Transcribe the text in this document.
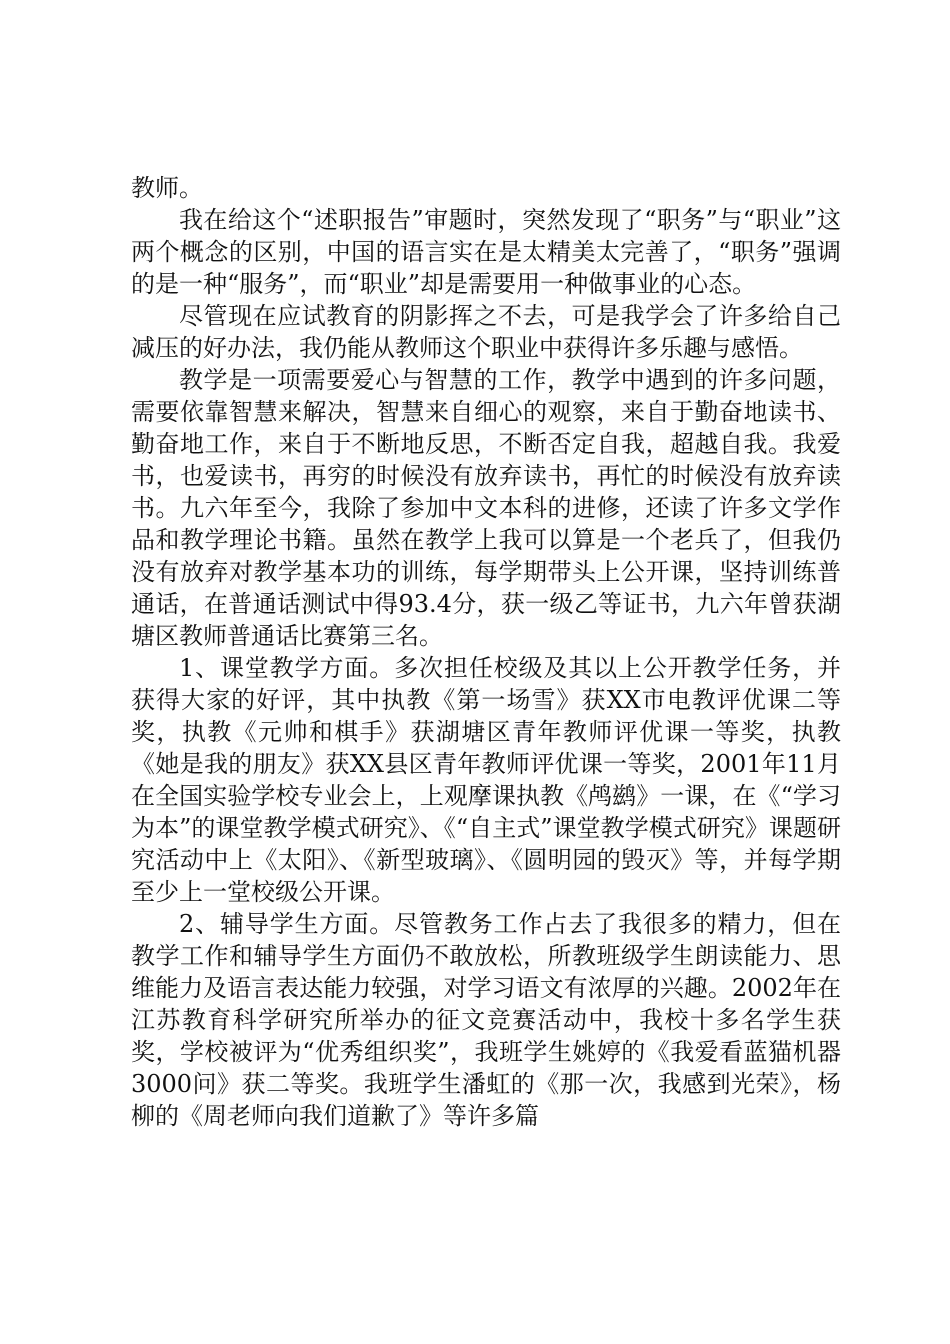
教师。

我在给这个“述职报告”审题时，突然发现了“职务”与“职业”这两个概念的区别，中国的语言实在是太精美太完善了，“职务”强调的是一种“服务”，而“职业”却是需要用一种做事业的心态。

尽管现在应试教育的阴影挥之不去，可是我学会了许多给自己减压的好办法，我仍能从教师这个职业中获得许多乐趣与感悟。

教学是一项需要爱心与智慧的工作，教学中遇到的许多问题，需要依靠智慧来解决，智慧来自细心的观察，来自于勤奋地读书、勤奋地工作，来自于不断地反思，不断否定自我，超越自我。我爱书，也爱读书，再穷的时候没有放弃读书，再忙的时候没有放弃读书。九六年至今，我除了参加中文本科的进修，还读了许多文学作品和教学理论书籍。虽然在教学上我可以算是一个老兵了，但我仍没有放弃对教学基本功的训练，每学期带头上公开课，坚持训练普通话，在普通话测试中得93.4分，获一级乙等证书，九六年曾获湖塘区教师普通话比赛第三名。

1、课堂教学方面。多次担任校级及其以上公开教学任务，并获得大家的好评，其中执教《第一场雪》获XX市电教评优课二等奖，执教《元帅和棋手》获湖塘区青年教师评优课一等奖，执教《她是我的朋友》获XX县区青年教师评优课一等奖，2001年11月在全国实验学校专业会上，上观摩课执教《鸬鹚》一课，在《“学习为本”的课堂教学模式研究》、《“自主式”课堂教学模式研究》课题研究活动中上《太阳》、《新型玻璃》、《圆明园的毁灭》等，并每学期至少上一堂校级公开课。

2、辅导学生方面。尽管教务工作占去了我很多的精力，但在教学工作和辅导学生方面仍不敢放松，所教班级学生朗读能力、思维能力及语言表达能力较强，对学习语文有浓厚的兴趣。2002年在江苏教育科学研究所举办的征文竞赛活动中，我校十多名学生获奖，学校被评为“优秀组织奖”，我班学生姚婷的《我爱看蓝猫机器3000问》获二等奖。我班学生潘虹的《那一次，我感到光荣》，杨柳的《周老师向我们道歉了》等许多篇
